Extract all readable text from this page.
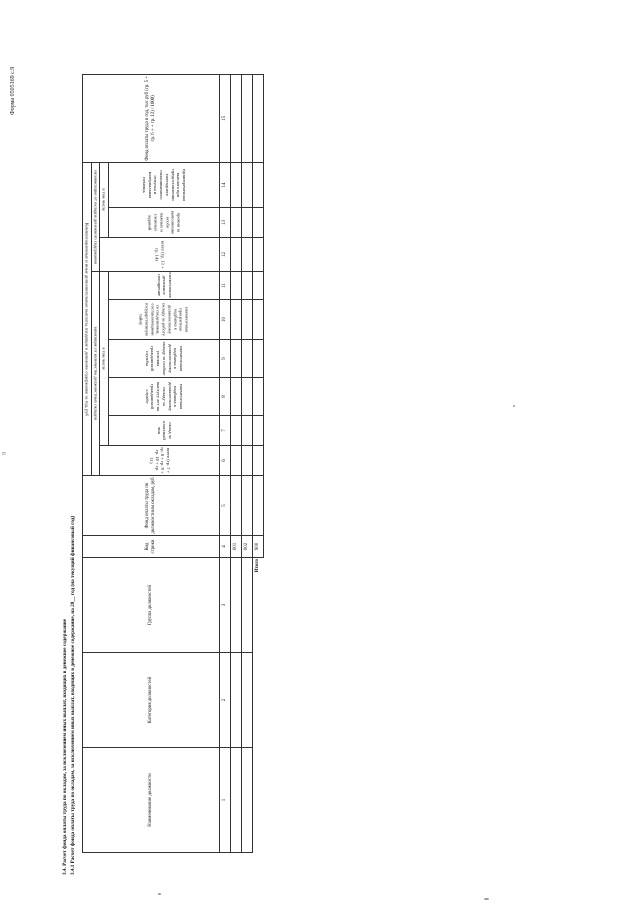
9
Форма 0505169 с.9
3.4. Расчет фонда оплаты труда по окладам, за исключением иных выплат, входящих в денежное содержание 3.4.1 Расчет фонда оплаты труда по окладам, за исключением иных выплат, входящих в денежное содержание, на 20__ год (на текущий финансовый год)	Наименование должности	Категория должностей	Группа должностей	Код строки	Фонд оплаты труда по должностным окладам, руб	Компенсационные и иные дополнительные выплаты, входящие в денежное содержание за год, руб									Фонд оплаты труда в год, тыс руб (гр. 5 + гр. 6 + + гр. 12) / 1000)
					зависящие от количества должностных окладов						независящие от окладов денежного содержания			
					всего (гр. 7 + гр. 8 + гр. 9 + гр. 10 + гр. 11)	в том числе					всего (гр. 13 + гр. 14)	в том числе		
						оклад за классный чин	ежемесячная надбавка к должностному окладу за выслугу лет на гражданской службе	ежемесячная надбавка к должностному окладу за особые условия гражданской службы	ежемесячная процентная надбавка к должностному окладу за работу со сведениями, составляющими государственную тайну	ежемесячное денежное поощрение		премии за выполнение особо важных и сложных заданий	единовременная выплата при предоставлении ежегодного оплачиваемого отпуска и материальная помощь	
1	2	3	4	5	6	7	8	9	10	11	12	13	14	15
			001											
			002											
		Итого	900											
